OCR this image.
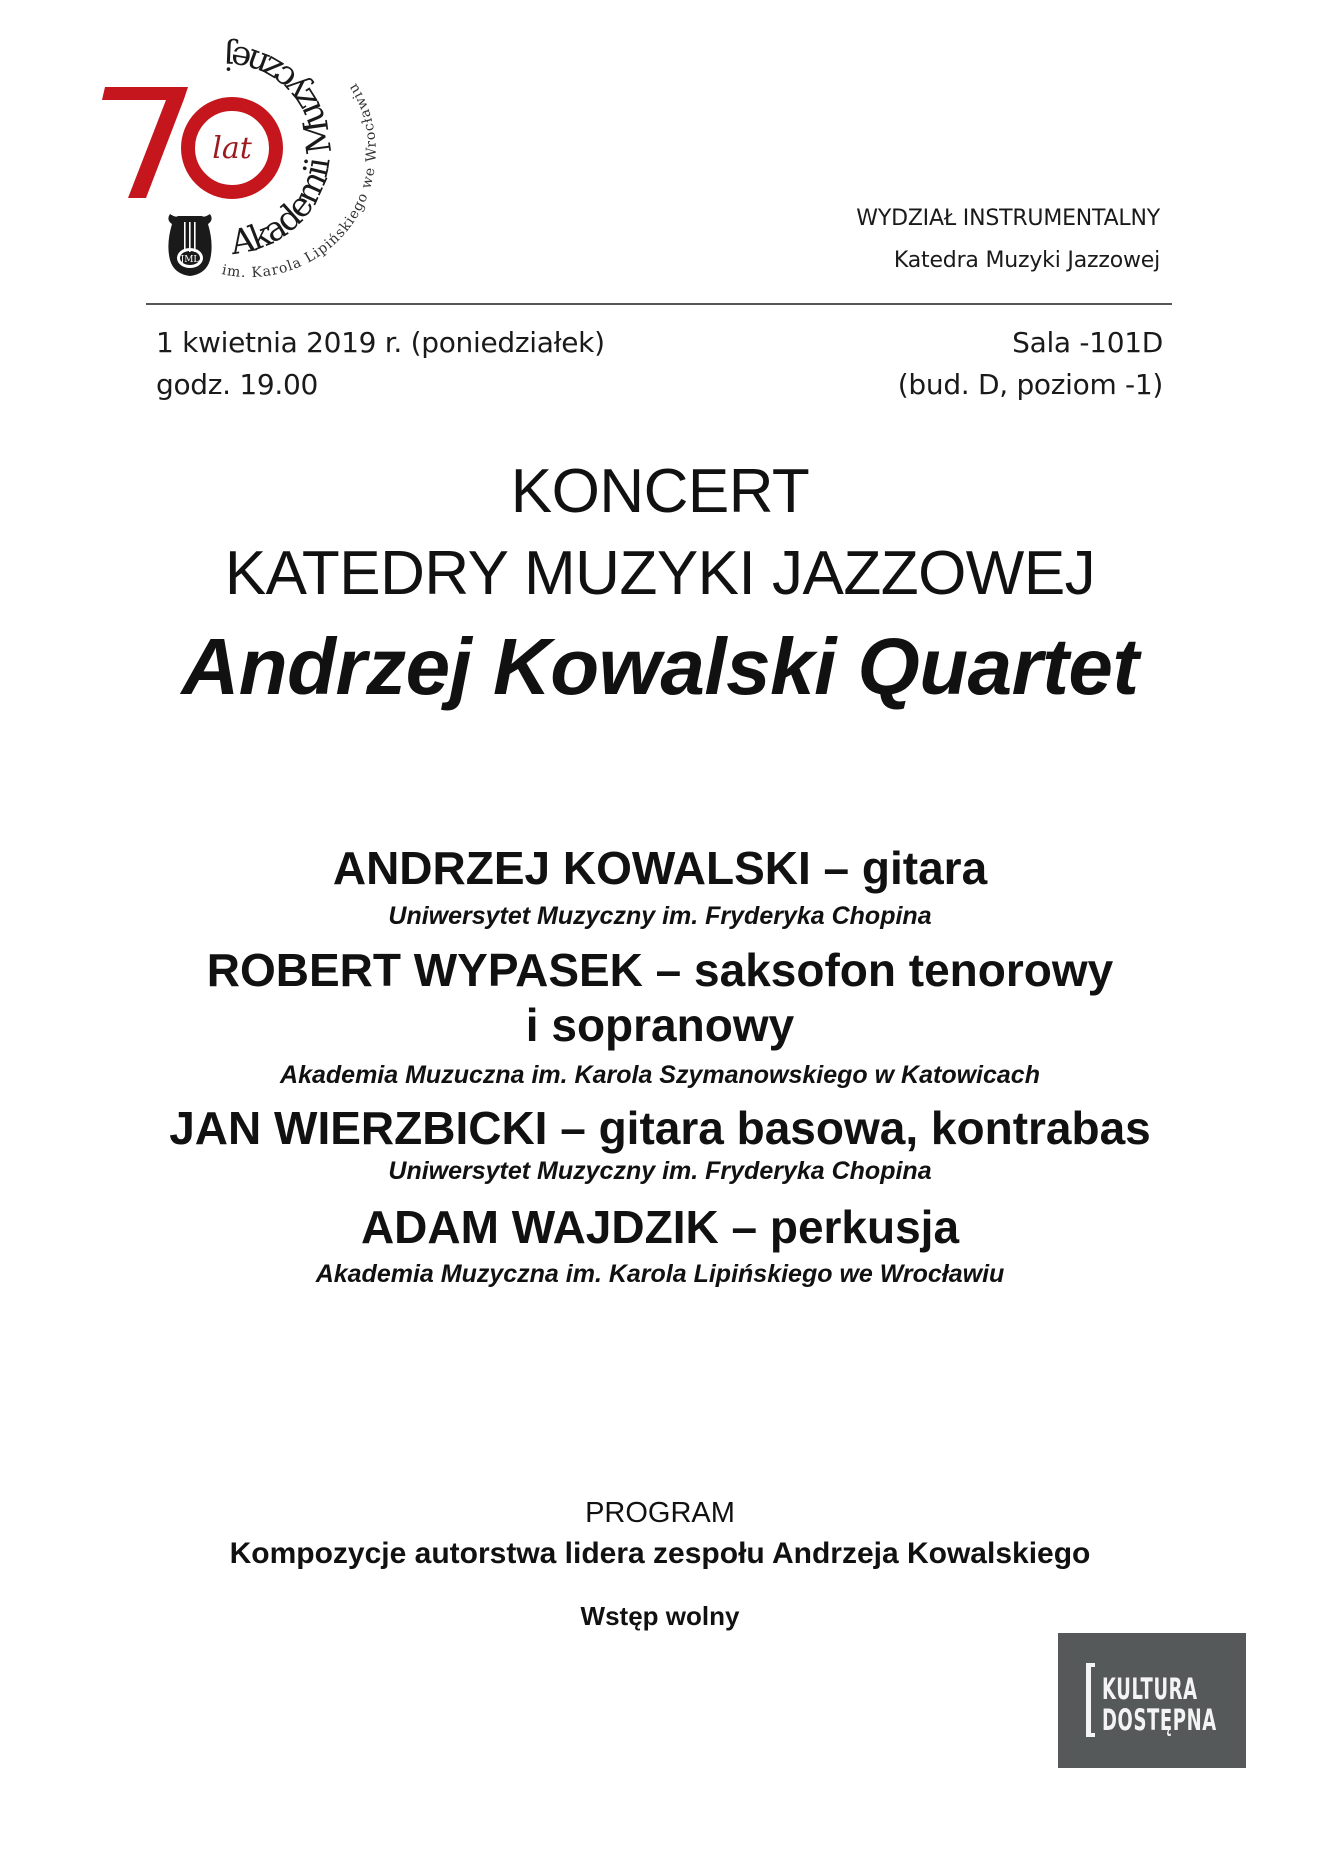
lat
JML Akademii Muzycznej
im. Karola Lipińskiego we Wrocławiu
WYDZIAŁ INSTRUMENTALNY
Katedra Muzyki Jazzowej
1 kwietnia 2019 r. (poniedziałek)
godz. 19.00
Sala -101D
(bud. D, poziom -1)
KONCERT
KATEDRY MUZYKI JAZZOWEJ
Andrzej Kowalski Quartet
ANDRZEJ KOWALSKI – gitara
Uniwersytet Muzyczny im. Fryderyka Chopina
ROBERT WYPASEK – saksofon tenorowy
i sopranowy
Akademia Muzuczna im. Karola Szymanowskiego w Katowicach
JAN WIERZBICKI – gitara basowa, kontrabas
Uniwersytet Muzyczny im. Fryderyka Chopina
ADAM WAJDZIK – perkusja
Akademia Muzyczna im. Karola Lipińskiego we Wrocławiu
PROGRAM
Kompozycje autorstwa lidera zespołu Andrzeja Kowalskiego
Wstęp wolny
KULTURA
DOSTĘPNA
